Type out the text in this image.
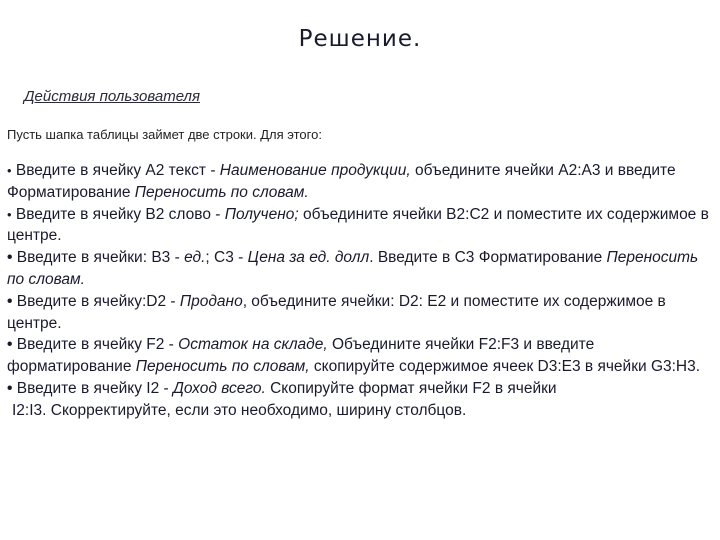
Решение.
Действия пользователя
Пусть шапка таблицы займет две строки. Для этого:
• Введите в ячейку А2 текст - Наименование продукции, объедините ячейки А2:А3 и введите Форматирование Переносить по словам.
• Введите в ячейку В2 слово - Получено; объедините ячейки В2:С2 и поместите их содержимое в центре.
• Введите в ячейки: В3 - ед.; С3 - Цена за ед. долл. Введите в С3 Форматирование Переносить по словам.
• Введите в ячейку:D2 - Продано, объедините ячейки: D2: Е2 и поместите их содержимое в центре.
• Введите в ячейку F2 - Остаток на складе, Объедините ячейки F2:F3 и введите форматирование Переносить по словам, скопируйте содержимое ячеек D3:Е3 в ячейки G3:Н3.
• Введите в ячейку I2 - Доход всего. Скопируйте формат ячейки F2 в ячейки
I2:I3. Скорректируйте, если это необходимо, ширину столбцов.
